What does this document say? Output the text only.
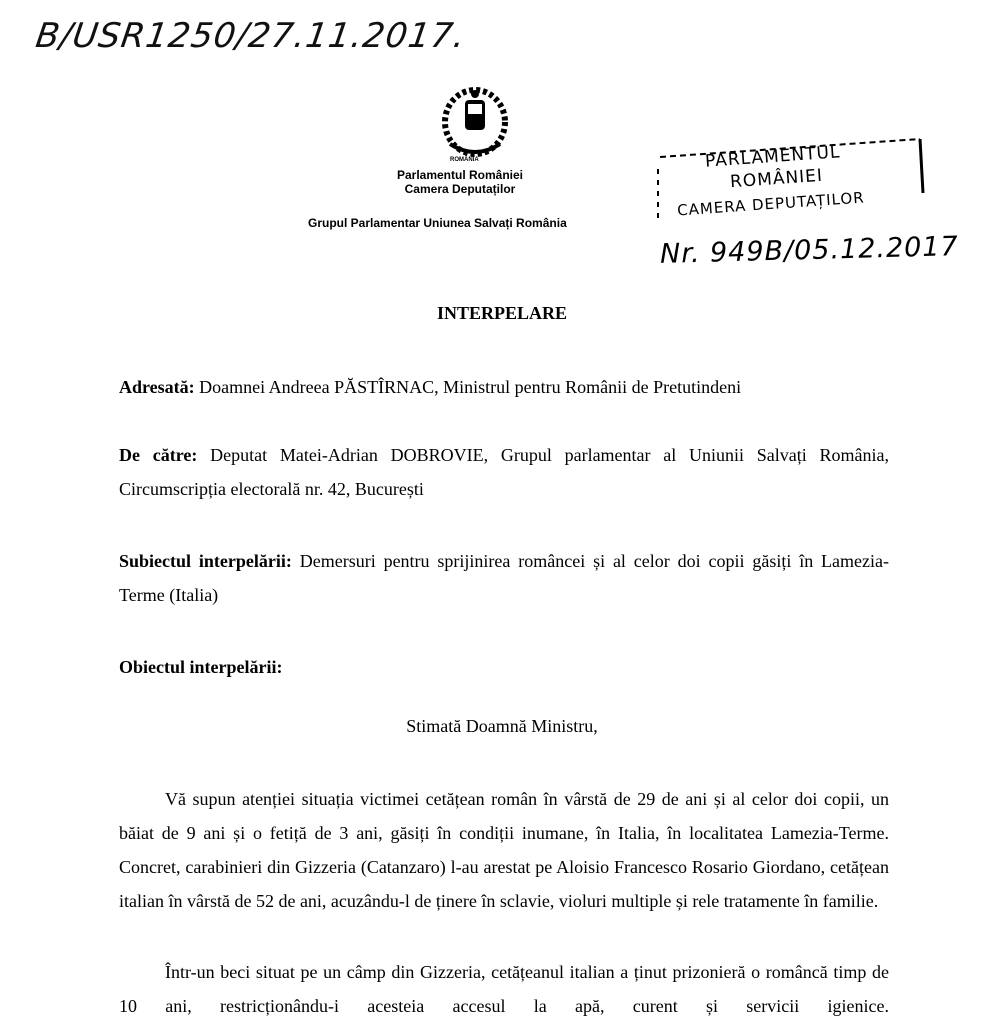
B/USR1250/27.11.2017.
ROMÂNIA
Parlamentul României
Camera Deputaților
Grupul Parlamentar Uniunea Salvați România
PARLAMENTUL
ROMÂNIEI
CAMERA DEPUTAȚILOR
Nr. 949B/05.12.2017
INTERPELARE
Adresată: Doamnei Andreea PĂSTÎRNAC, Ministrul pentru Românii de Pretutindeni
De către: Deputat Matei-Adrian DOBROVIE, Grupul parlamentar al Uniunii Salvați România, Circumscripția electorală nr. 42, București
Subiectul interpelării: Demersuri pentru sprijinirea româncei și al celor doi copii găsiți în Lamezia-Terme (Italia)
Obiectul interpelării:
Stimată Doamnă Ministru,
Vă supun atenției situația victimei cetățean român în vârstă de 29 de ani și al celor doi copii, un băiat de 9 ani și o fetiță de 3 ani, găsiți în condiții inumane, în Italia, în localitatea Lamezia-Terme. Concret, carabinieri din Gizzeria (Catanzaro) l-au arestat pe Aloisio Francesco Rosario Giordano, cetățean italian în vârstă de 52 de ani, acuzându-l de ținere în sclavie, violuri multiple și rele tratamente în familie.
Într-un beci situat pe un câmp din Gizzeria, cetățeanul italian a ținut prizonieră o româncă timp de 10 ani, restricționându-i acesteia accesul la apă, curent și servicii igienice.
